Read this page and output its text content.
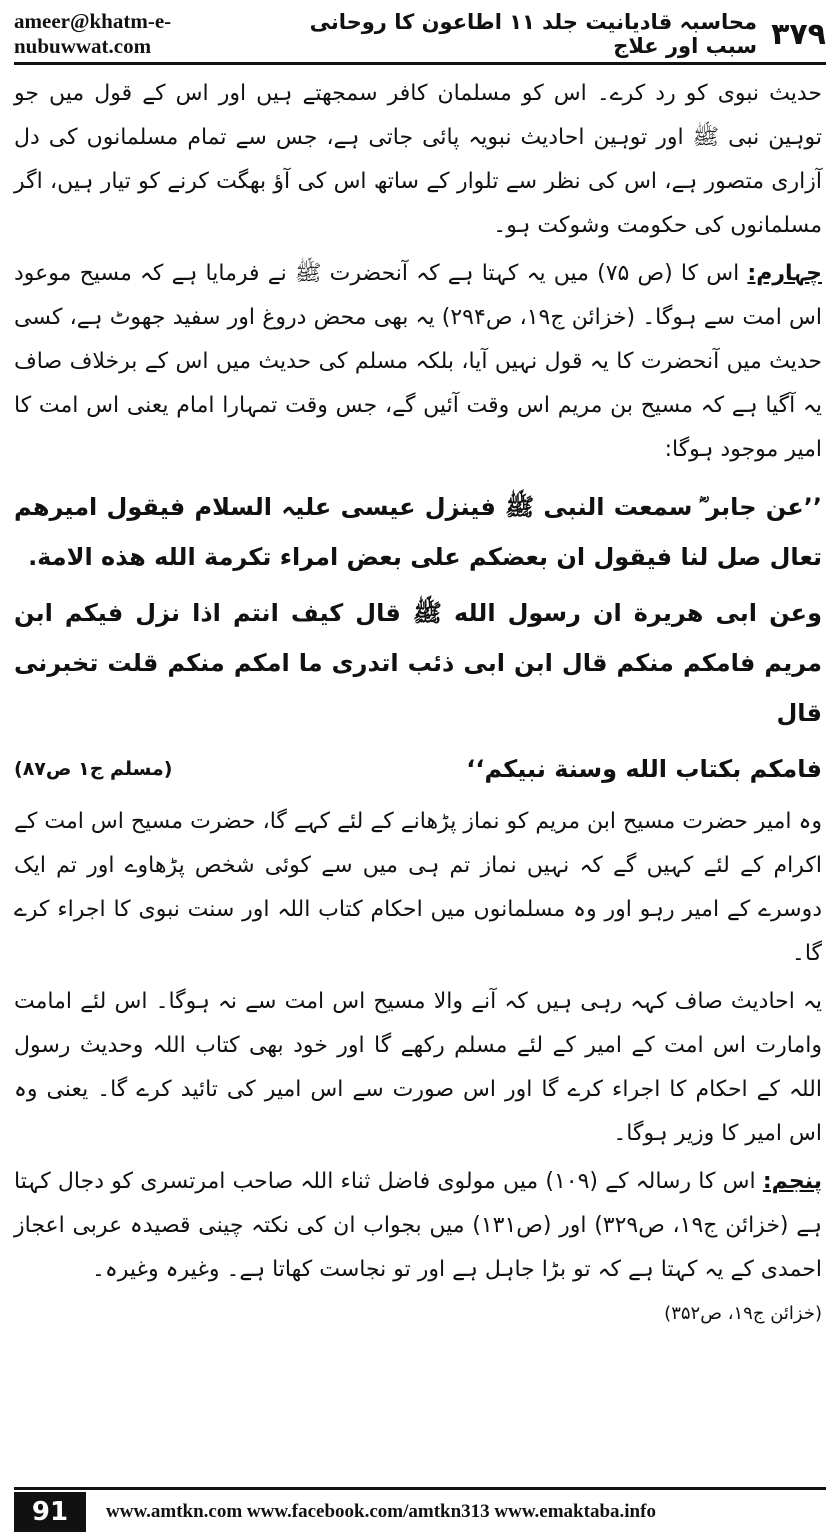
ameer@khatm-e-nubuwwat.com	۳۷۹
محاسبہ قادیانیت جلد ۱۱ اطاعون کا روحانی سبب اور علاج

حدیث نبوی کو رد کرے۔ اس کو مسلمان کافر سمجھتے ہیں اور اس کے قول میں جو توہین نبی ﷺ اور توہین احادیث نبویہ پائی جاتی ہے، جس سے تمام مسلمانوں کی دل آزاری متصور ہے، اس کی نظر سے تلوار کے ساتھ اس کی آؤ بھگت کرنے کو تیار ہیں، اگر مسلمانوں کی حکومت وشوکت ہو۔

چہارم: اس کا (ص ۷۵) میں یہ کہتا ہے کہ آنحضرت ﷺ نے فرمایا ہے کہ مسیح موعود اس امت سے ہوگا۔ (خزائن ج۱۹، ص۲۹۴) یہ بھی محض دروغ اور سفید جھوٹ ہے، کسی حدیث میں آنحضرت کا یہ قول نہیں آیا، بلکہ مسلم کی حدیث میں اس کے برخلاف صاف یہ آگیا ہے کہ مسیح بن مریم اس وقت آئیں گے، جس وقت تمہارا امام یعنی اس امت کا امیر موجود ہوگا:

’’عن جابر ؓ سمعت النبی ﷺ فینزل عیسی علیہ السلام فیقول امیرھم تعال صل لنا فیقول ان بعضکم علی بعض امراء تکرمة الله هذه الامة.

وعن ابی هریرة ان رسول الله ﷺ قال کیف انتم اذا نزل فیکم ابن مریم فامکم منکم قال ابن ابی ذئب اتدری ما امکم منکم قلت تخبرنی قال

فامکم بکتاب الله وسنة نبیکم‘‘
(مسلم ج۱ ص۸۷)

وہ امیر حضرت مسیح ابن مریم کو نماز پڑھانے کے لئے کہے گا، حضرت مسیح اس امت کے اکرام کے لئے کہیں گے کہ نہیں نماز تم ہی میں سے کوئی شخص پڑھاوے اور تم ایک دوسرے کے امیر رہو اور وہ مسلمانوں میں احکام کتاب اللہ اور سنت نبوی کا اجراء کرے گا۔

یہ احادیث صاف کہہ رہی ہیں کہ آنے والا مسیح اس امت سے نہ ہوگا۔ اس لئے امامت وامارت اس امت کے امیر کے لئے مسلم رکھے گا اور خود بھی کتاب اللہ وحدیث رسول اللہ کے احکام کا اجراء کرے گا اور اس صورت سے اس امیر کی تائید کرے گا۔ یعنی وہ اس امیر کا وزیر ہوگا۔

پنجم: اس کا رسالہ کے (۱۰۹) میں مولوی فاضل ثناء اللہ صاحب امرتسری کو دجال کہتا ہے (خزائن ج۱۹، ص۳۲۹) اور (ص۱۳۱) میں بجواب ان کی نکتہ چینی قصیدہ عربی اعجاز احمدی کے یہ کہتا ہے کہ تو بڑا جاہل ہے اور تو نجاست کھاتا ہے۔ وغیرہ وغیرہ۔

(خزائن ج۱۹، ص۳۵۲)

91	www.amtkn.com www.facebook.com/amtkn313 www.emaktaba.info
